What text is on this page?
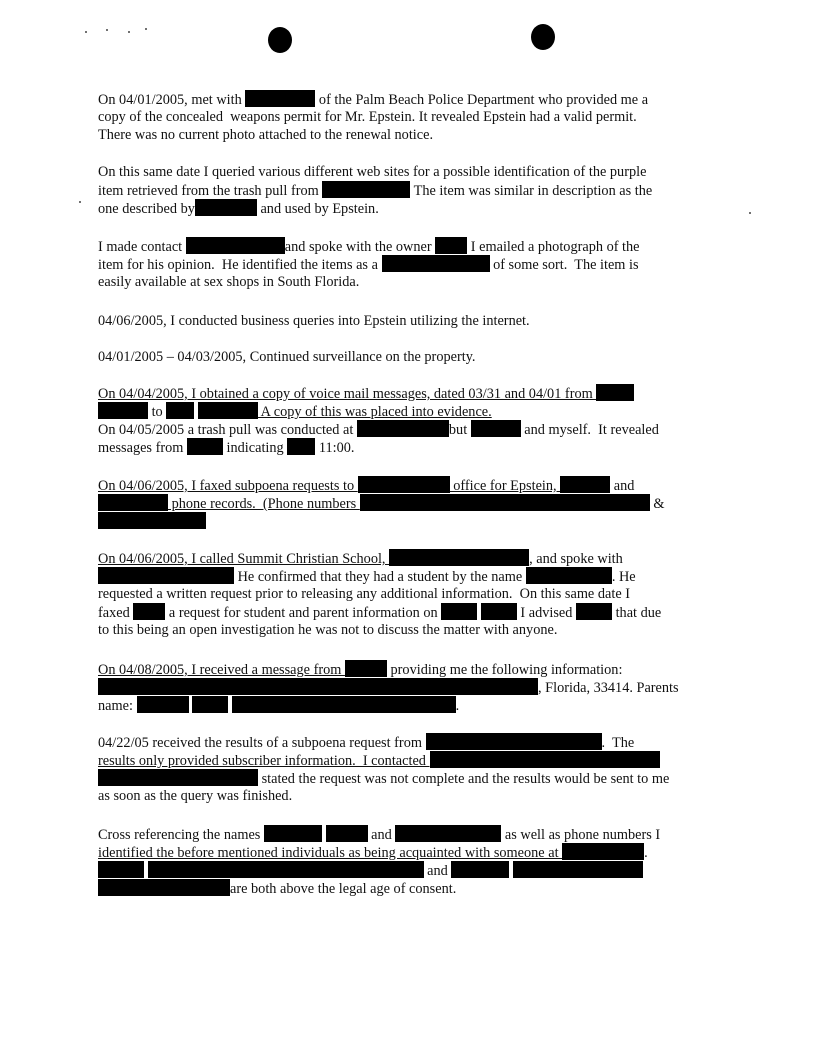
On 04/01/2005, met with	of the Palm Beach Police Department who provided me a
copy of the concealed  weapons permit for Mr. Epstein. It revealed Epstein had a valid permit.
There was no current photo attached to the renewal notice.
On this same date I queried various different web sites for a possible identification of the purple
item retrieved from the trash pull from	The item was similar in description as the
one described by	and used by Epstein.
I made contact	and spoke with the owner  I emailed a photograph of the
item for his opinion.  He identified the items as a	of some sort.  The item is
easily available at sex shops in South Florida.
04/06/2005, I conducted business queries into Epstein utilizing the internet.
04/01/2005 – 04/03/2005, Continued surveillance on the property.
On 04/04/2005, I obtained a copy of voice mail messages, dated 03/31 and 04/01 from
to	A copy of this was placed into evidence.
On 04/05/2005 a trash pull was conducted at	but	and myself.  It revealed
messages from	indicating  11:00.
On 04/06/2005, I faxed subpoena requests to	office for Epstein,	and
phone records.  (Phone numbers	&
On 04/06/2005, I called Summit Christian School,	, and spoke with
He confirmed that they had a student by the name	. He
requested a written request prior to releasing any additional information.  On this same date I
faxed  a request for student and parent information on	I advised	that due
to this being an open investigation he was not to discuss the matter with anyone.
On 04/08/2005, I received a message from	providing me the following information:
, Florida, 33414. Parents
name:	.
04/22/05 received the results of a subpoena request from	.  The
results only provided subscriber information.  I contacted
stated the request was not complete and the results would be sent to me
as soon as the query was finished.
Cross referencing the names	and	as well as phone numbers I
identified the before mentioned individuals as being acquainted with someone at	.
and
are both above the legal age of consent.
